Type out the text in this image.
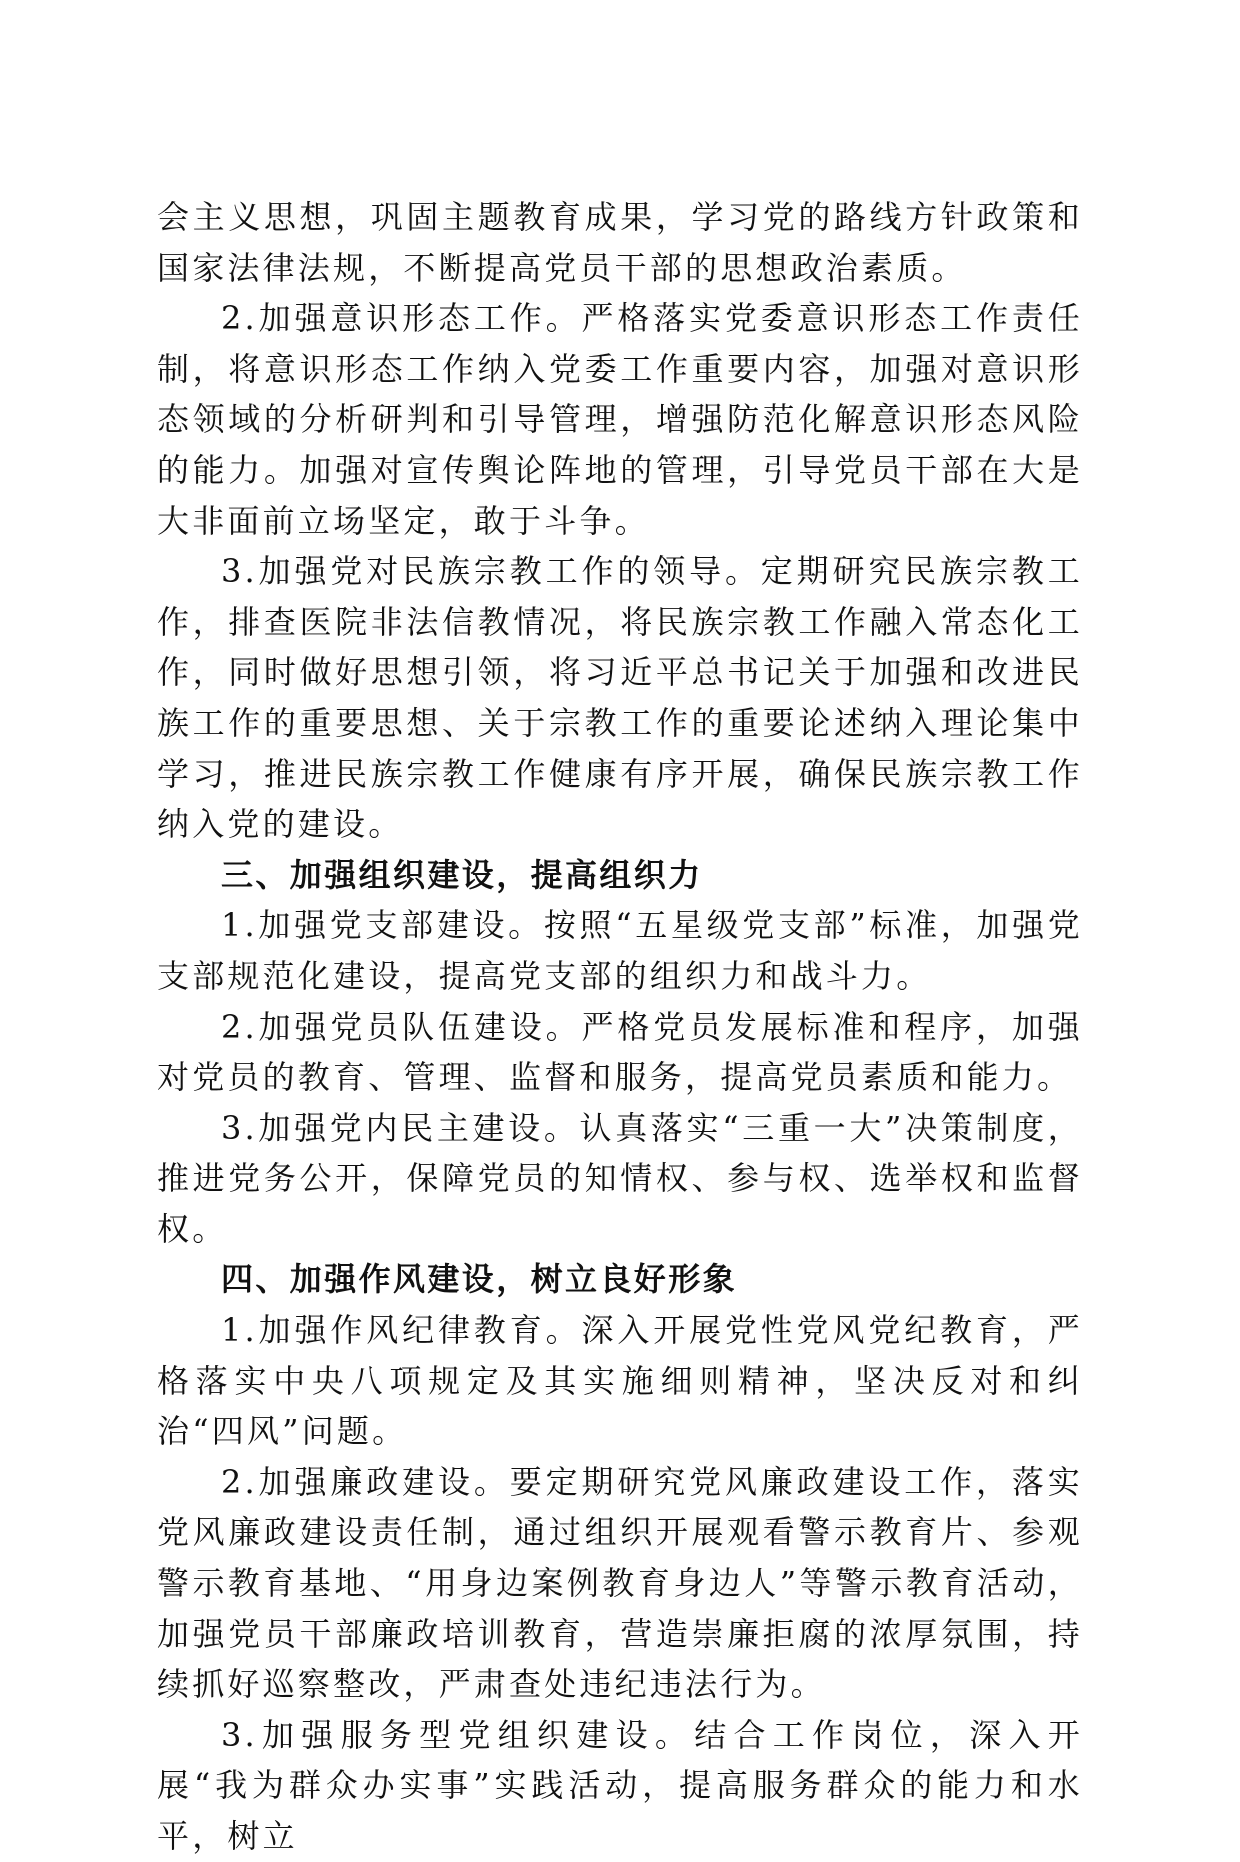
会主义思想，巩固主题教育成果，学习党的路线方针政策和国家法律法规，不断提高党员干部的思想政治素质。

2.加强意识形态工作。严格落实党委意识形态工作责任制，将意识形态工作纳入党委工作重要内容，加强对意识形态领域的分析研判和引导管理，增强防范化解意识形态风险的能力。加强对宣传舆论阵地的管理，引导党员干部在大是大非面前立场坚定，敢于斗争。

3.加强党对民族宗教工作的领导。定期研究民族宗教工作，排查医院非法信教情况，将民族宗教工作融入常态化工作，同时做好思想引领，将习近平总书记关于加强和改进民族工作的重要思想、关于宗教工作的重要论述纳入理论集中学习，推进民族宗教工作健康有序开展，确保民族宗教工作纳入党的建设。

三、加强组织建设，提高组织力

1.加强党支部建设。按照“五星级党支部”标准，加强党支部规范化建设，提高党支部的组织力和战斗力。

2.加强党员队伍建设。严格党员发展标准和程序，加强对党员的教育、管理、监督和服务，提高党员素质和能力。

3.加强党内民主建设。认真落实“三重一大”决策制度，推进党务公开，保障党员的知情权、参与权、选举权和监督权。

四、加强作风建设，树立良好形象

1.加强作风纪律教育。深入开展党性党风党纪教育，严格落实中央八项规定及其实施细则精神，坚决反对和纠治“四风”问题。

2.加强廉政建设。要定期研究党风廉政建设工作，落实党风廉政建设责任制，通过组织开展观看警示教育片、参观警示教育基地、“用身边案例教育身边人”等警示教育活动，加强党员干部廉政培训教育，营造崇廉拒腐的浓厚氛围，持续抓好巡察整改，严肃查处违纪违法行为。

3.加强服务型党组织建设。结合工作岗位，深入开展“我为群众办实事”实践活动，提高服务群众的能力和水平，树立
